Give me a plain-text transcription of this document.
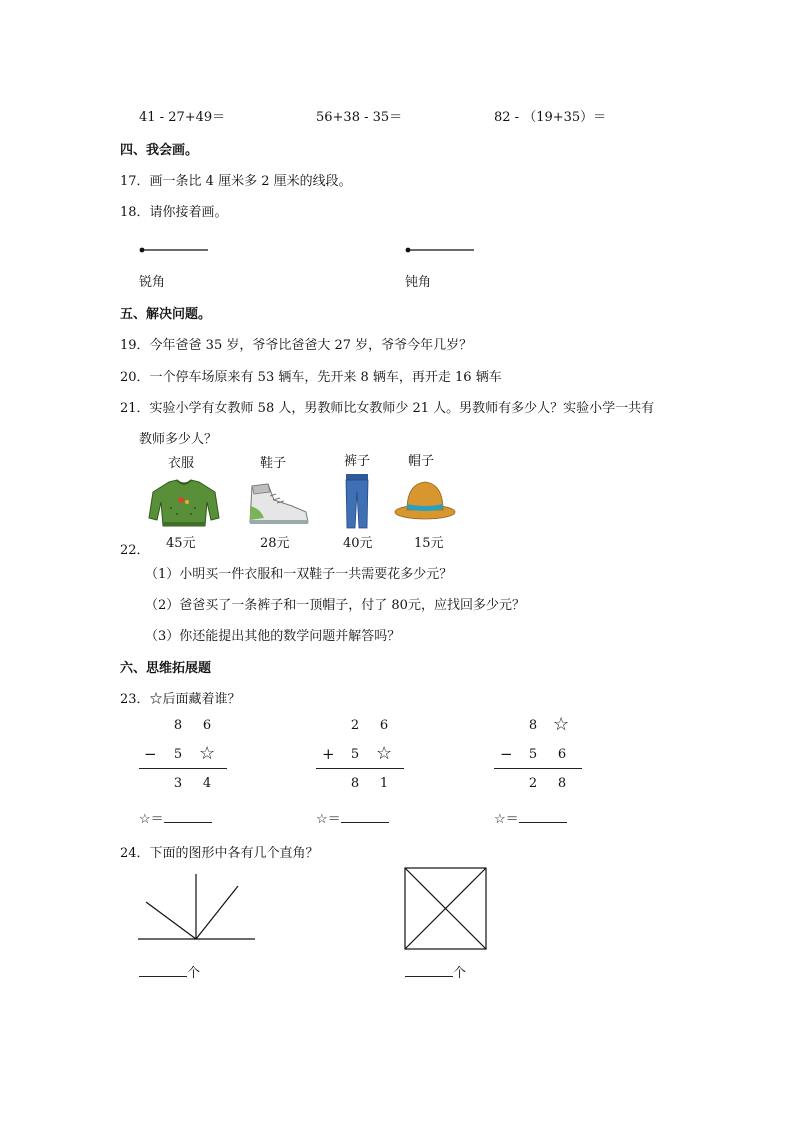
41 - 27+49＝	56+38 - 35＝	82 - （19+35）＝
四、我会画。
17．画一条比 4 厘米多 2 厘米的线段。
18．请你接着画。
锐角	钝角
五、解决问题。
19．今年爸爸 35 岁，爷爷比爸爸大 27 岁，爷爷今年几岁？
20．一个停车场原来有 53 辆车，先开来 8 辆车，再开走 16 辆车
21．实验小学有女教师 58 人，男教师比女教师少 21 人。男教师有多少人？实验小学一共有
教师多少人？
衣服	鞋子	裤子	帽子
22． 45元	28元	40元	15元
（1）小明买一件衣服和一双鞋子一共需要花多少元？
（2）爸爸买了一条裤子和一顶帽子，付了 80元，应找回多少元？
（3）你还能提出其他的数学问题并解答吗？
六、思维拓展题
23．☆后面藏着谁？
8	6
−	5 ☆
3	4
☆＝
2	6
+	5 ☆
8	1
☆＝
8 ☆
−	5	6
2	8
☆＝
24．下面的图形中各有几个直角？
个	个
